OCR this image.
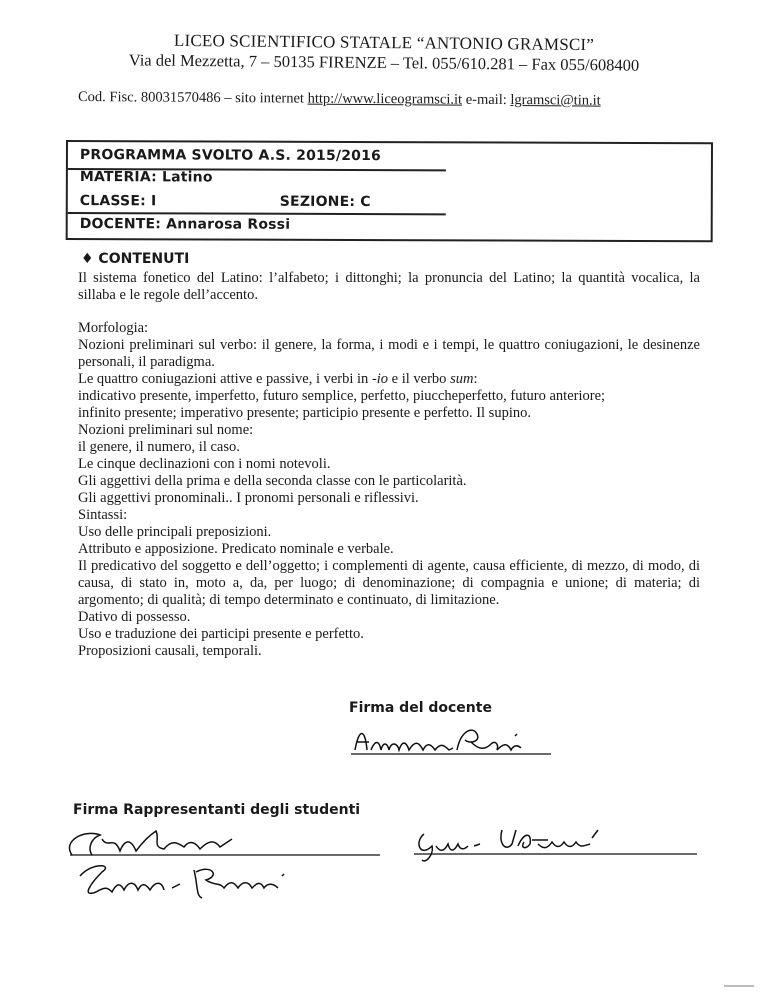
LICEO SCIENTIFICO STATALE “ANTONIO GRAMSCI”
Via del Mezzetta, 7 – 50135 FIRENZE – Tel. 055/610.281 – Fax 055/608400
Cod. Fisc. 80031570486 – sito internet http://www.liceogramsci.it e-mail: lgramsci@tin.it
PROGRAMMA SVOLTO A.S. 2015/2016
MATERIA: Latino
CLASSE: I	SEZIONE: C
DOCENTE: Annarosa Rossi
♦ CONTENUTI
Il sistema fonetico del Latino: l’alfabeto; i dittonghi; la pronuncia del Latino; la quantità vocalica, la sillaba e le regole dell’accento.
Morfologia:
Nozioni preliminari sul verbo: il genere, la forma, i modi e i tempi, le quattro coniugazioni, le desinenze personali, il paradigma.
Le quattro coniugazioni attive e passive, i verbi in -io e il verbo sum:
indicativo presente, imperfetto, futuro semplice, perfetto, piuccheperfetto, futuro anteriore;
infinito presente; imperativo presente; participio presente e perfetto. Il supino.
Nozioni preliminari sul nome:
il genere, il numero, il caso.
Le cinque declinazioni con i nomi notevoli.
Gli aggettivi della prima e della seconda classe con le particolarità.
Gli aggettivi pronominali.. I pronomi personali e riflessivi.
Sintassi:
Uso delle principali preposizioni.
Attributo e apposizione. Predicato nominale e verbale.
Il predicativo del soggetto e dell’oggetto; i complementi di agente, causa efficiente, di mezzo, di modo, di causa, di stato in, moto a, da, per luogo; di denominazione; di compagnia e unione; di materia; di argomento; di qualità; di tempo determinato e continuato, di limitazione.
Dativo di possesso.
Uso e traduzione dei participi presente e perfetto.
Proposizioni causali, temporali.
Firma del docente
Firma Rappresentanti degli studenti
